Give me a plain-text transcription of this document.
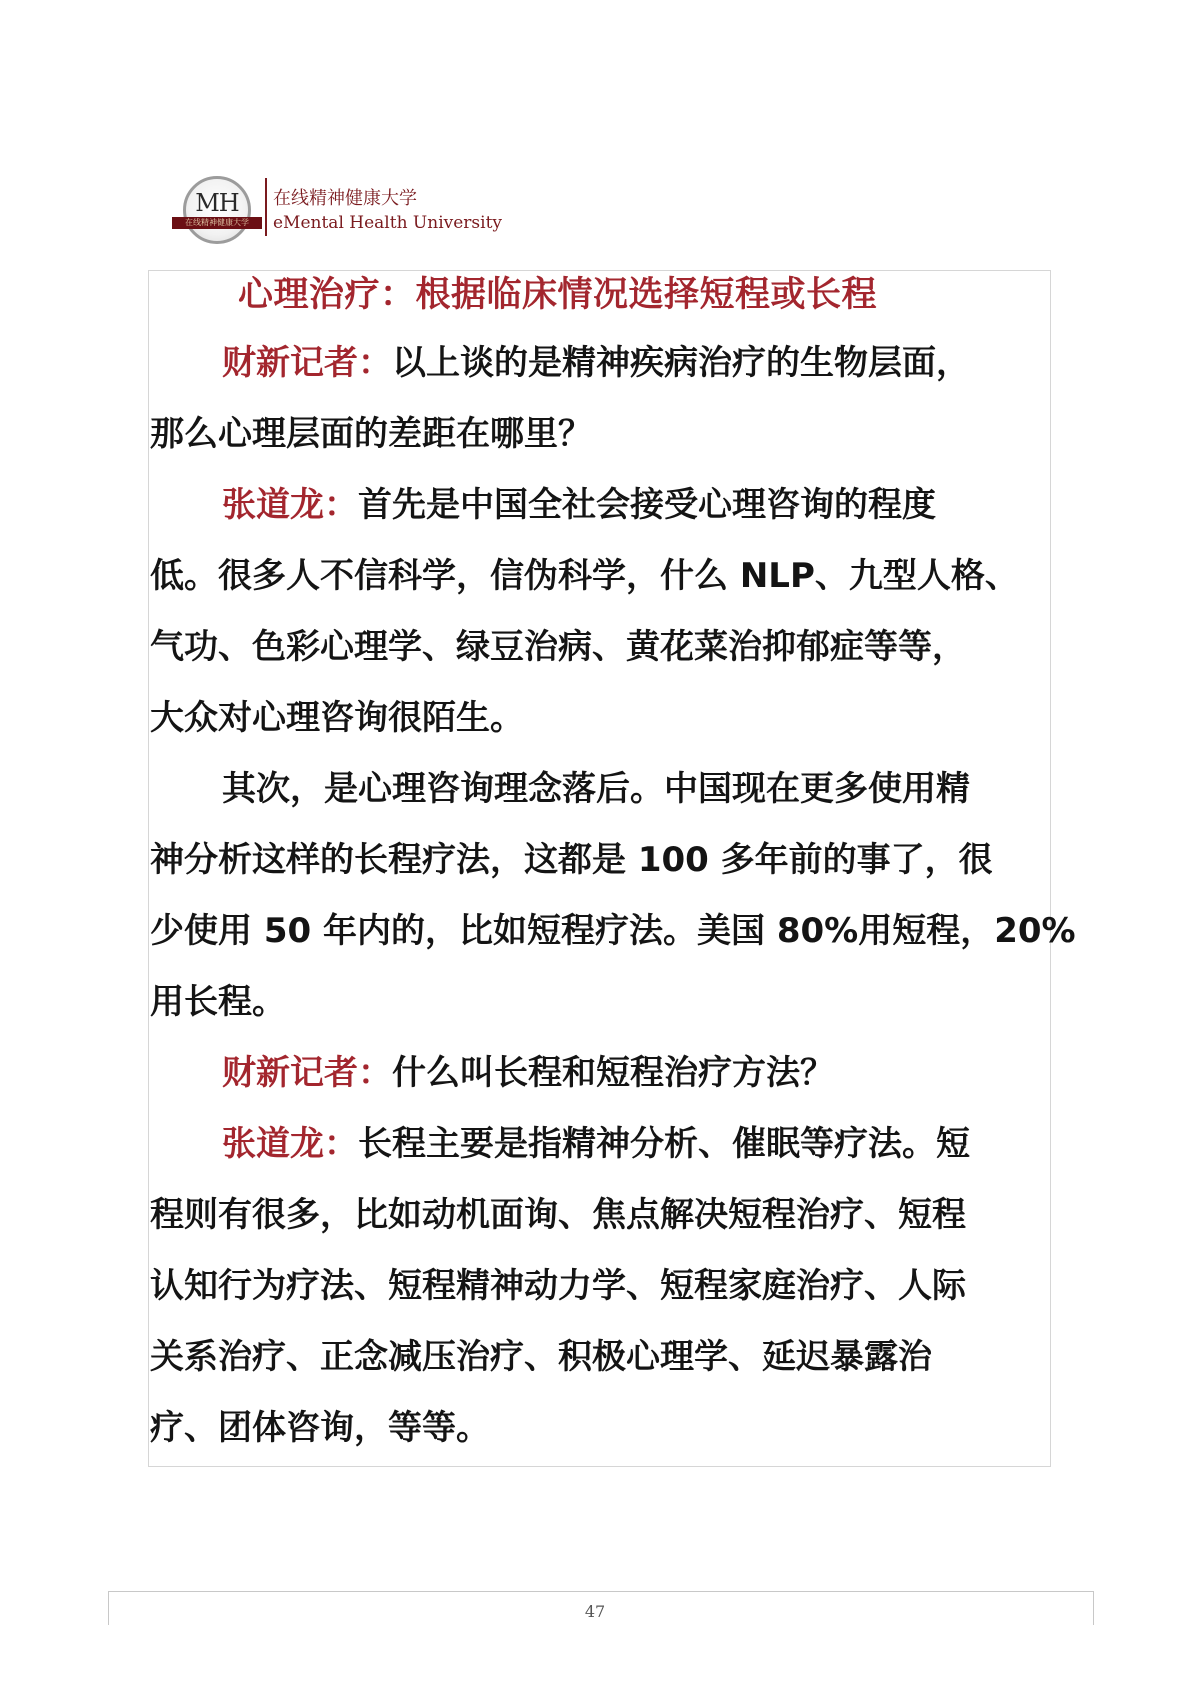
MH
在线精神健康大学
在线精神健康大学
eMental Health University
心理治疗：根据临床情况选择短程或长程

财新记者：以上谈的是精神疾病治疗的生物层面，
那么心理层面的差距在哪里？

张道龙：首先是中国全社会接受心理咨询的程度
低。很多人不信科学，信伪科学，什么 NLP、九型人格、
气功、色彩心理学、绿豆治病、黄花菜治抑郁症等等，
大众对心理咨询很陌生。

其次，是心理咨询理念落后。中国现在更多使用精
神分析这样的长程疗法，这都是 100 多年前的事了，很
少使用 50 年内的，比如短程疗法。美国 80%用短程，20%
用长程。

财新记者：什么叫长程和短程治疗方法？

张道龙：长程主要是指精神分析、催眠等疗法。短
程则有很多，比如动机面询、焦点解决短程治疗、短程
认知行为疗法、短程精神动力学、短程家庭治疗、人际
关系治疗、正念减压治疗、积极心理学、延迟暴露治
疗、团体咨询，等等。

47
